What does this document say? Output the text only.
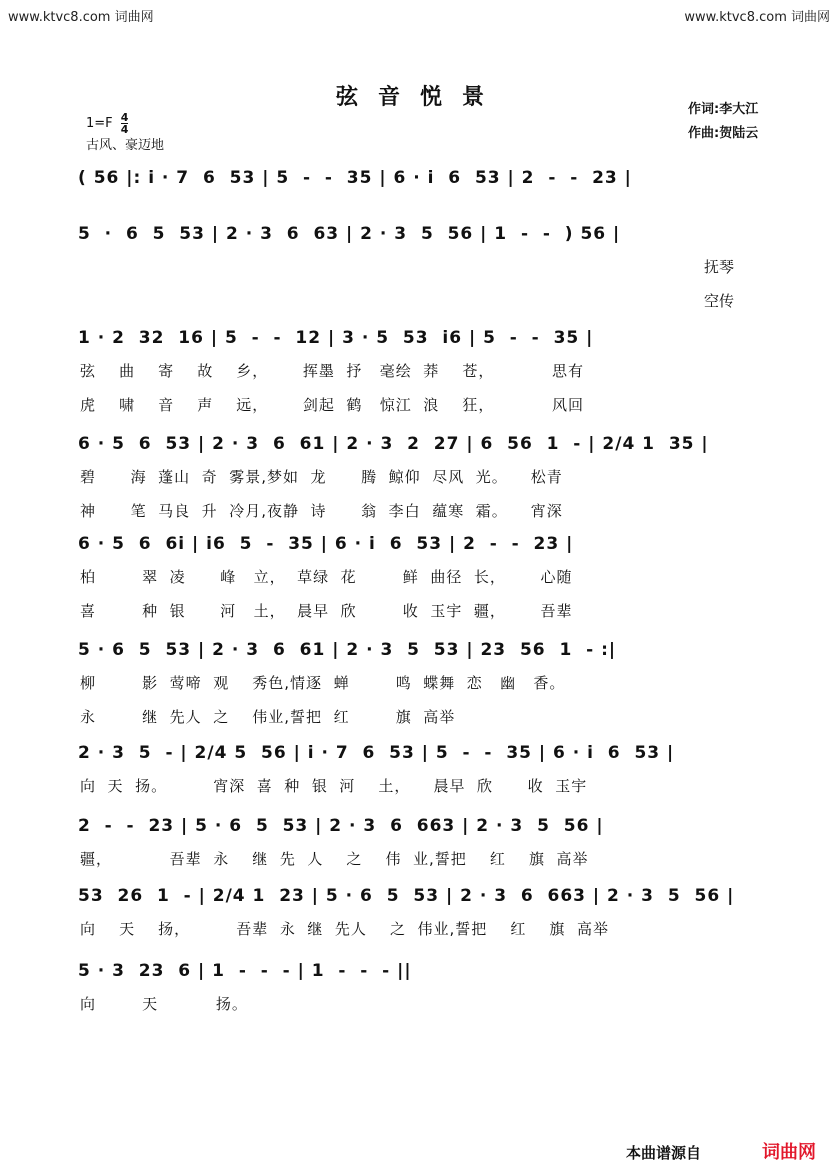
www.ktvc8.com 词曲网	www.ktvc8.com 词曲网
弦音悦景	作词:李大江
作曲:贺陆云
$1=F \frac{4}{4}$
古风、豪迈地
( 56 |: i · 7  6  53 | 5  -  -  35 | 6 · i  6  53 | 2  -  -  23 |
5  ·  6  5  53 | 2 · 3  6  63 | 2 · 3  5  56 | 1  -  -  ) 56 |
抚琴
空传
1 · 2  32  16 | 5  -  -  12 | 3 · 5  53  i6 | 5  -  -  35 |
弦    曲    寄    故    乡，      挥墨  抒   毫绘  莽    苍，          思有
虎    啸    音    声    远，      剑起  鹤   惊江  浪    狂，          风回
6 · 5  6  53 | 2 · 3  6  61 | 2 · 3  2  27 | 6  56  1  - | 2/4 1  35 |
碧      海  蓬山  奇  雾景,梦如  龙      腾  鲸仰  尽风  光。    松青
神      笔  马良  升  冷月,夜静  诗      翁  李白  蕴寒  霜。    宵深
6 · 5  6  6i | i6  5  -  35 | 6 · i  6  53 | 2  -  -  23 |
柏        翠  凌      峰   立，  草绿  花        鲜  曲径  长，      心随
喜        种  银      河   土，  晨早  欣        收  玉宇  疆，      吾辈
5 · 6  5  53 | 2 · 3  6  61 | 2 · 3  5  53 | 23  56  1  - :|
柳        影  莺啼  观    秀色,情逐  蝉        鸣  蝶舞  恋   幽   香。
永        继  先人  之    伟业,誓把  红        旗  高举
2 · 3  5  - | 2/4 5  56 | i · 7  6  53 | 5  -  -  35 | 6 · i  6  53 |
向  天  扬。        宵深  喜  种  银  河    土，    晨早  欣      收  玉宇
2  -  -  23 | 5 · 6  5  53 | 2 · 3  6  663 | 2 · 3  5  56 |
疆，          吾辈  永    继  先  人    之    伟  业,誓把    红    旗  高举
53  26  1  - | 2/4 1  23 | 5 · 6  5  53 | 2 · 3  6  663 | 2 · 3  5  56 |
向    天    扬，        吾辈  永  继  先人    之  伟业,誓把    红    旗  高举
5 · 3  23  6 | 1  -  -  - | 1  -  -  - ||
向        天          扬。
本曲谱源自	词曲网
